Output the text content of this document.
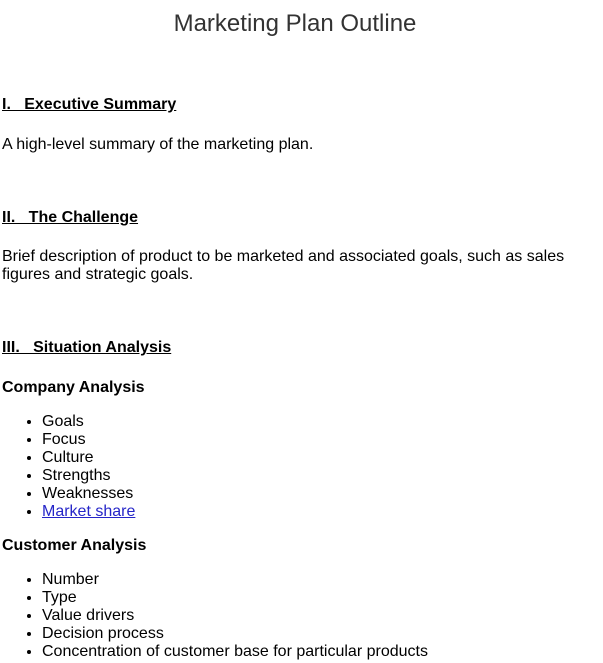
Marketing Plan Outline
I.   Executive Summary

A high-level summary of the marketing plan.

II.   The Challenge

Brief description of product to be marketed and associated goals, such as sales figures and strategic goals.

III.   Situation Analysis
Company Analysis
• Goals
• Focus
• Culture
• Strengths
• Weaknesses
• Market share
Customer Analysis
• Number
• Type
• Value drivers
• Decision process
• Concentration of customer base for particular products
